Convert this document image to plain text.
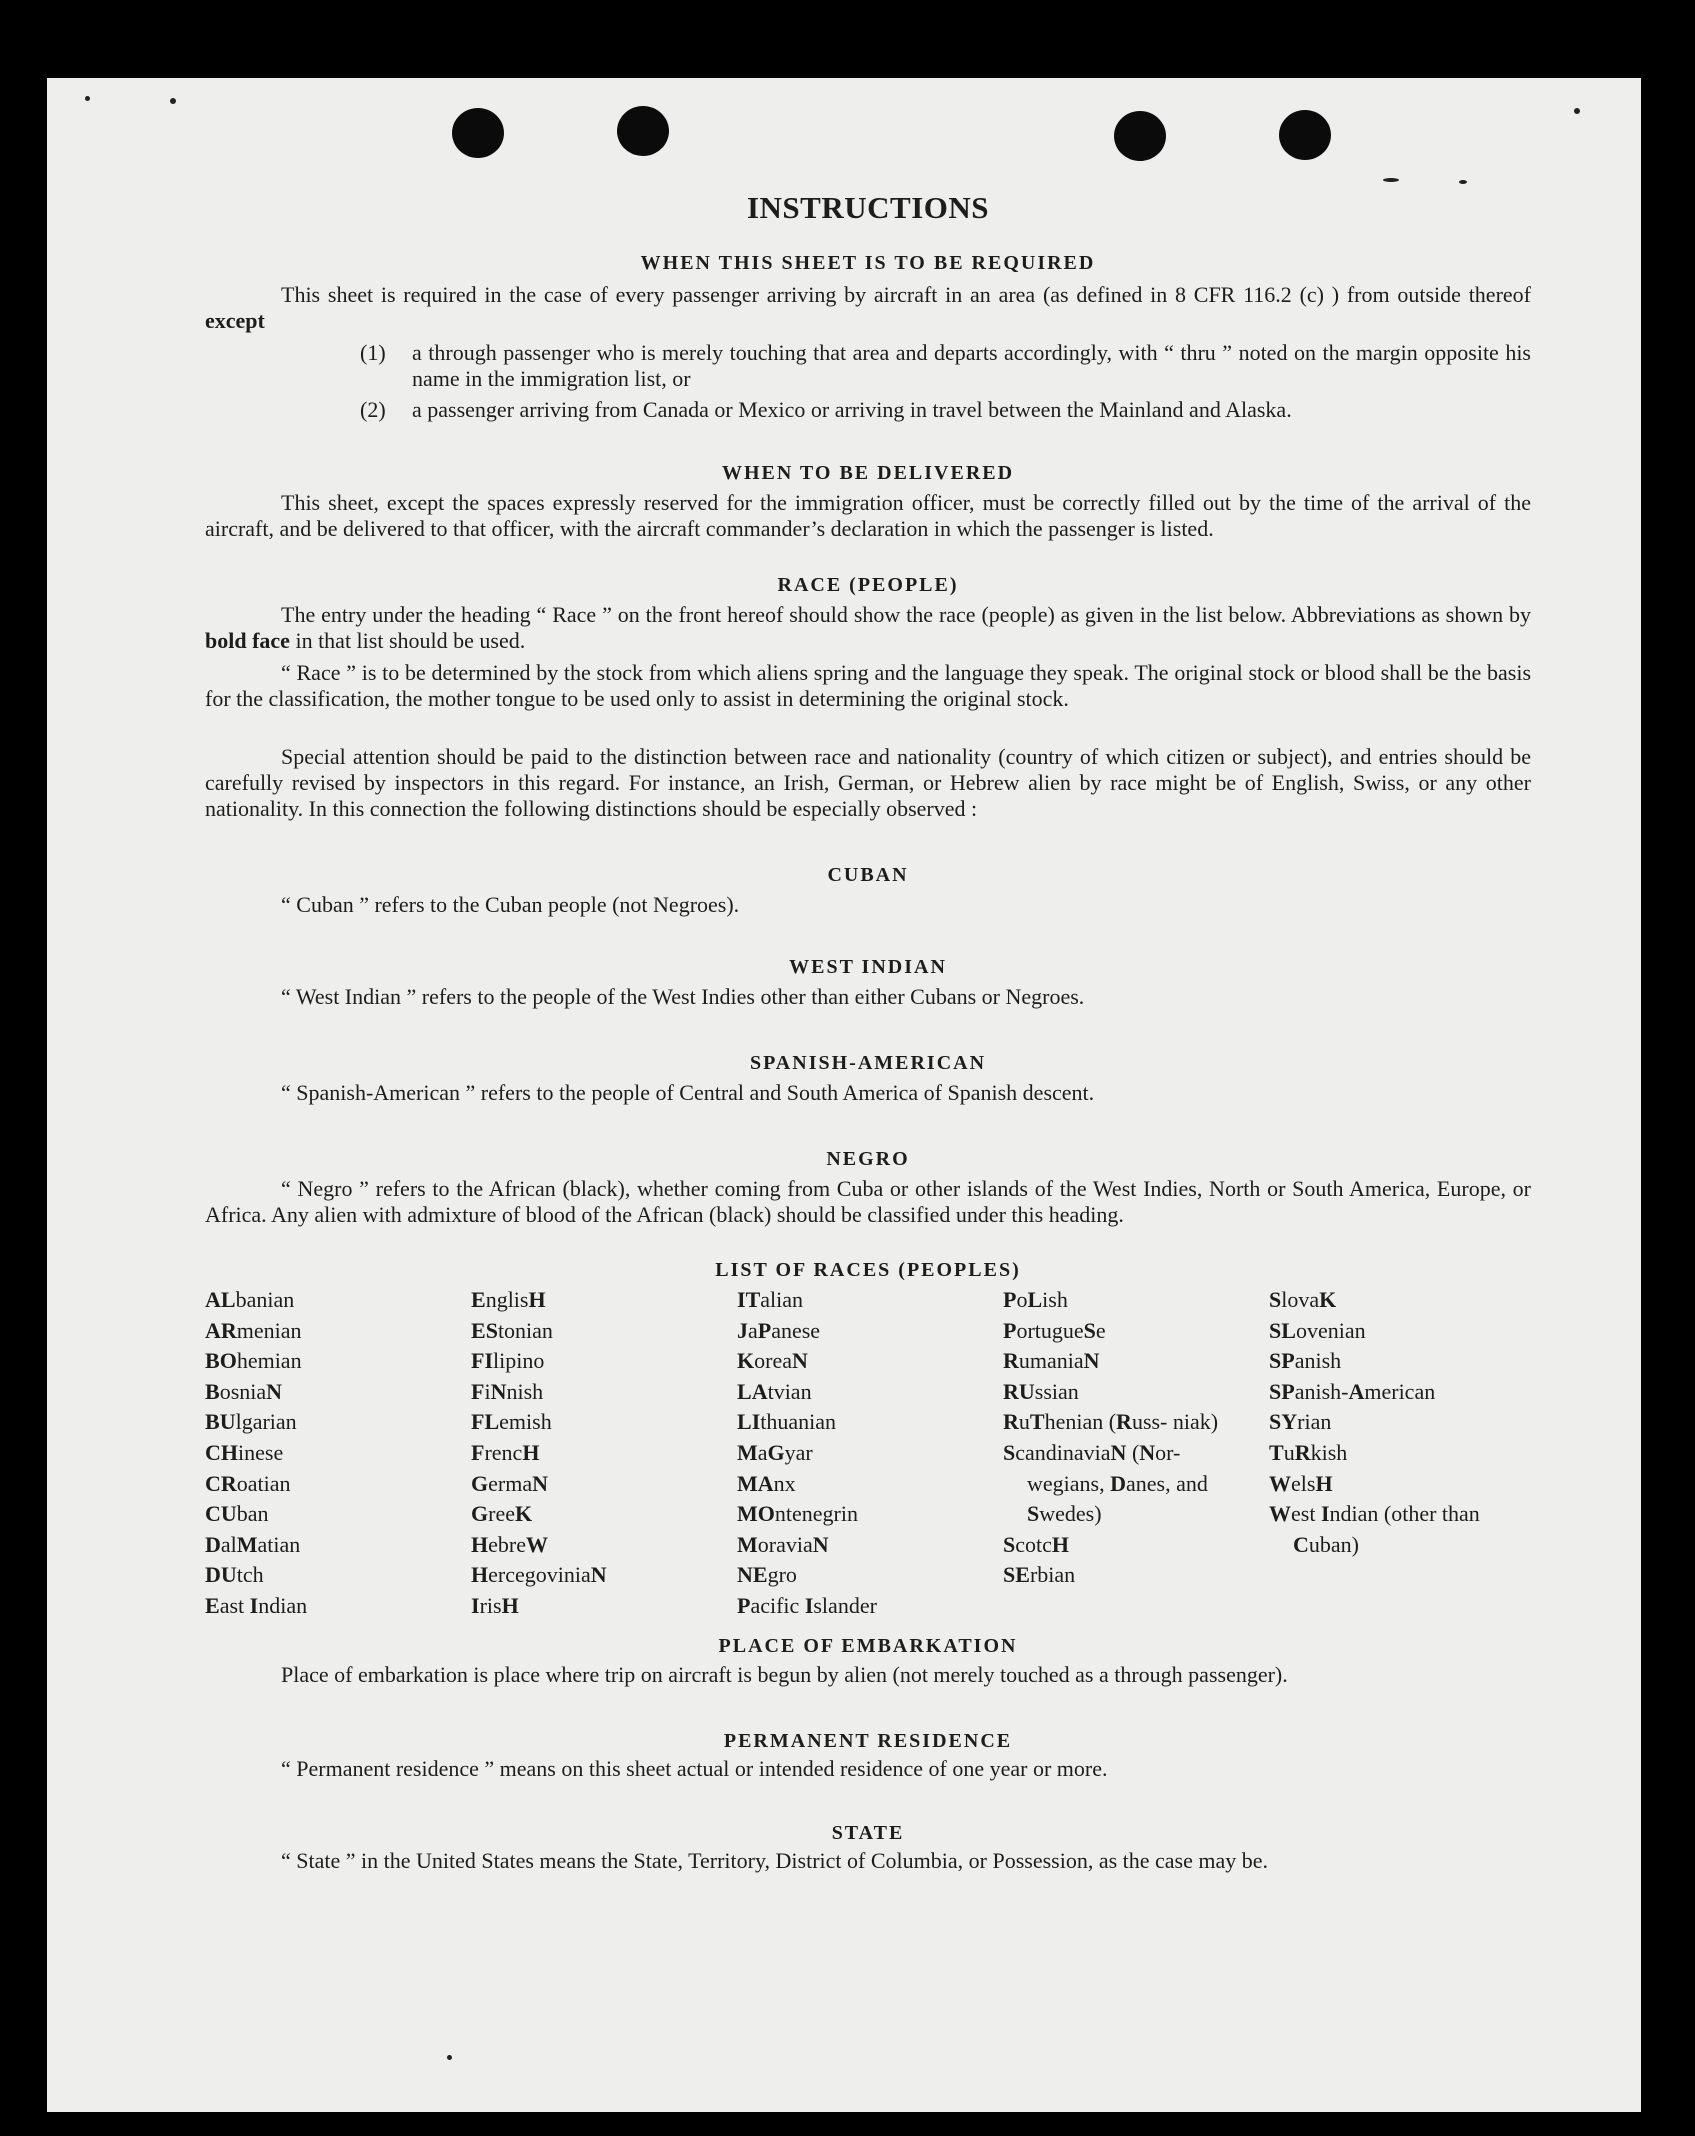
INSTRUCTIONS
WHEN THIS SHEET IS TO BE REQUIRED

This sheet is required in the case of every passenger arriving by aircraft in an area (as defined in 8 CFR 116.2 (c) ) from outside thereof except

(1)	a through passenger who is merely touching that area and departs accordingly, with “ thru ” noted on the margin opposite his name in the immigration list, or
(2)	a passenger arriving from Canada or Mexico or arriving in travel between the Mainland and Alaska.
WHEN TO BE DELIVERED

This sheet, except the spaces expressly reserved for the immigration officer, must be correctly filled out by the time of the arrival of the aircraft, and be delivered to that officer, with the aircraft commander’s declaration in which the passenger is listed.

RACE (PEOPLE)

The entry under the heading “ Race ” on the front hereof should show the race (people) as given in the list below. Abbreviations as shown by bold face in that list should be used.

“ Race ” is to be determined by the stock from which aliens spring and the language they speak. The original stock or blood shall be the basis for the classification, the mother tongue to be used only to assist in determining the original stock.

Special attention should be paid to the distinction between race and nationality (country of which citizen or subject), and entries should be carefully revised by inspectors in this regard. For instance, an Irish, German, or Hebrew alien by race might be of English, Swiss, or any other nationality. In this connection the following distinctions should be especially observed :

CUBAN

“ Cuban ” refers to the Cuban people (not Negroes).

WEST INDIAN

“ West Indian ” refers to the people of the West Indies other than either Cubans or Negroes.

SPANISH-AMERICAN

“ Spanish-American ” refers to the people of Central and South America of Spanish descent.

NEGRO

“ Negro ” refers to the African (black), whether coming from Cuba or other islands of the West Indies, North or South America, Europe, or Africa. Any alien with admixture of blood of the African (black) should be classified under this heading.

LIST OF RACES (PEOPLES)
ALbanian
ARmenian
BOhemian
BosniaN
BUlgarian
CHinese
CRoatian
CUban
DalMatian
DUtch
East Indian
EnglisH
EStonian
FIlipino
FiNnish
FLemish
FrencH
GermaN
GreeK
HebreW
HercegoviniaN
IrisH
ITalian
JaPanese
KoreaN
LAtvian
LIthuanian
MaGyar
MAnx
MOntenegrin
MoraviaN
NEgro
Pacific Islander
PoLish
PortugueSe
RumaniaN
RUssian
RuThenian (Russ- niak)
ScandinaviaN (Nor- wegians, Danes, and Swedes)
ScotcH
SErbian
SlovaK
SLovenian
SPanish
SPanish-American
SYrian
TuRkish
WelsH
West Indian (other than Cuban)
PLACE OF EMBARKATION

Place of embarkation is place where trip on aircraft is begun by alien (not merely touched as a through passenger).

PERMANENT RESIDENCE

“ Permanent residence ” means on this sheet actual or intended residence of one year or more.

STATE

“ State ” in the United States means the State, Territory, District of Columbia, or Possession, as the case may be.
